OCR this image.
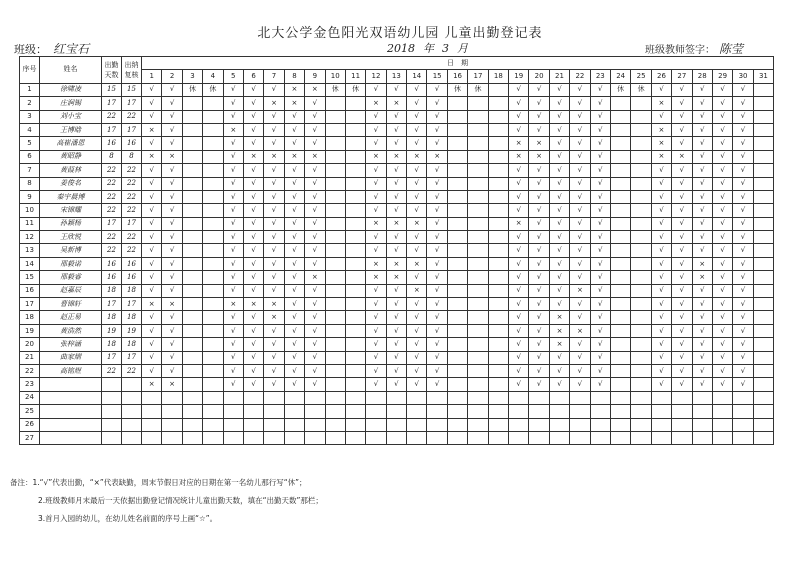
北大公学金色阳光双语幼儿园 儿童出勤登记表
班级： 红宝石	2018 年 3 月	班级教师签字： 陈莹
序号	姓名	出勤天数	出纳复核	日　期																														
				1	2	3	4	5	6	7	8	9	10	11	12	13	14	15	16	17	18	19	20	21	22	23	24	25	26	27	28	29	30	31
1	徐啸凌	15	15	√	√	休	休	√	√	√	×	×	休	休	√	√	√	√	休	休		√	√	√	√	√	休	休	√	√	√	√	√	
2	庄润锡	17	17	√	√			√	√	×	×	√			×	×	√	√				√	√	√	√	√			×	√	√	√	√	
3	刘小宝	22	22	√	√			√	√	√	√	√			√	√	√	√				√	√	√	√	√			√	√	√	√	√	
4	王博晗	17	17	×	√			×	√	√	√	√			√	√	√	√				√	√	√	√	√			×	√	√	√	√	
5	高崔潘恩	16	16	√	√			√	√	√	√	√			√	√	√	√				×	×	√	√	√			×	√	√	√	√	
6	黄昭静	8	8	×	×			√	×	×	×	×			×	×	×	×				×	×	√	√	√			×	×	√	√	√	
7	黄葭林	22	22	√	√			√	√	√	√	√			√	√	√	√				√	√	√	√	√			√	√	√	√	√	
8	姜俊名	22	22	√	√			√	√	√	√	√			√	√	√	√				√	√	√	√	√			√	√	√	√	√	
9	秦宇晨博	22	22	√	√			√	√	√	√	√			√	√	√	√				√	√	√	√	√			√	√	√	√	√	
10	宋锦耀	22	22	√	√			√	√	√	√	√			√	√	√	√				√	√	√	√	√			√	√	√	√	√	
11	孙颖杨	17	17	√	√			√	√	√	√	√			×	×	×	√				×	√	√	√	√			√	√	√	√	√	
12	王欣悦	22	22	√	√			√	√	√	√	√			√	√	√	√				√	√	√	√	√			√	√	√	√	√	
13	吴新博	22	22	√	√			√	√	√	√	√			√	√	√	√				√	√	√	√	√			√	√	√	√	√	
14	邢毅诺	16	16	√	√			√	√	√	√	√			×	×	×	√				√	√	√	√	√			√	√	×	√	√	
15	邢毅睿	16	16	√	√			√	√	√	√	×			×	×	√	√				√	√	√	√	√			√	√	×	√	√	
16	赵嘉辰	18	18	√	√			√	√	√	√	√			√	√	×	√				√	√	√	×	√			√	√	√	√	√	
17	曹锦轩	17	17	×	×			×	×	×	√	√			√	√	√	√				√	√	√	√	√			√	√	√	√	√	
18	赵正易	18	18	√	√			√	√	×	√	√			√	√	√	√				√	√	×	√	√			√	√	√	√	√	
19	黄浩然	19	19	√	√			√	√	√	√	√			√	√	√	√				√	√	×	×	√			√	√	√	√	√	
20	张梓涵	18	18	√	√			√	√	√	√	√			√	√	√	√				√	√	×	√	√			√	√	√	√	√	
21	曲家熠	17	17	√	√			√	√	√	√	√			√	√	√	√				√	√	√	√	√			√	√	√	√	√	
22	高铭煜	22	22	√	√			√	√	√	√	√			√	√	√	√				√	√	√	√	√			√	√	√	√	√	
23				×	×			√	√	√	√	√			√	√	√	√				√	√	√	√	√			√	√	√	√	√	
24																																		
25																																		
26																																		
27																																		
备注：1.“√”代表出勤，“×”代表缺勤，周末节假日对应的日期在第一名幼儿那行写“休”；
2.班级教师月末最后一天依据出勤登记情况统计儿童出勤天数，填在“出勤天数”那栏；
3.首月入园的幼儿，在幼儿姓名前面的序号上画“☆”。
